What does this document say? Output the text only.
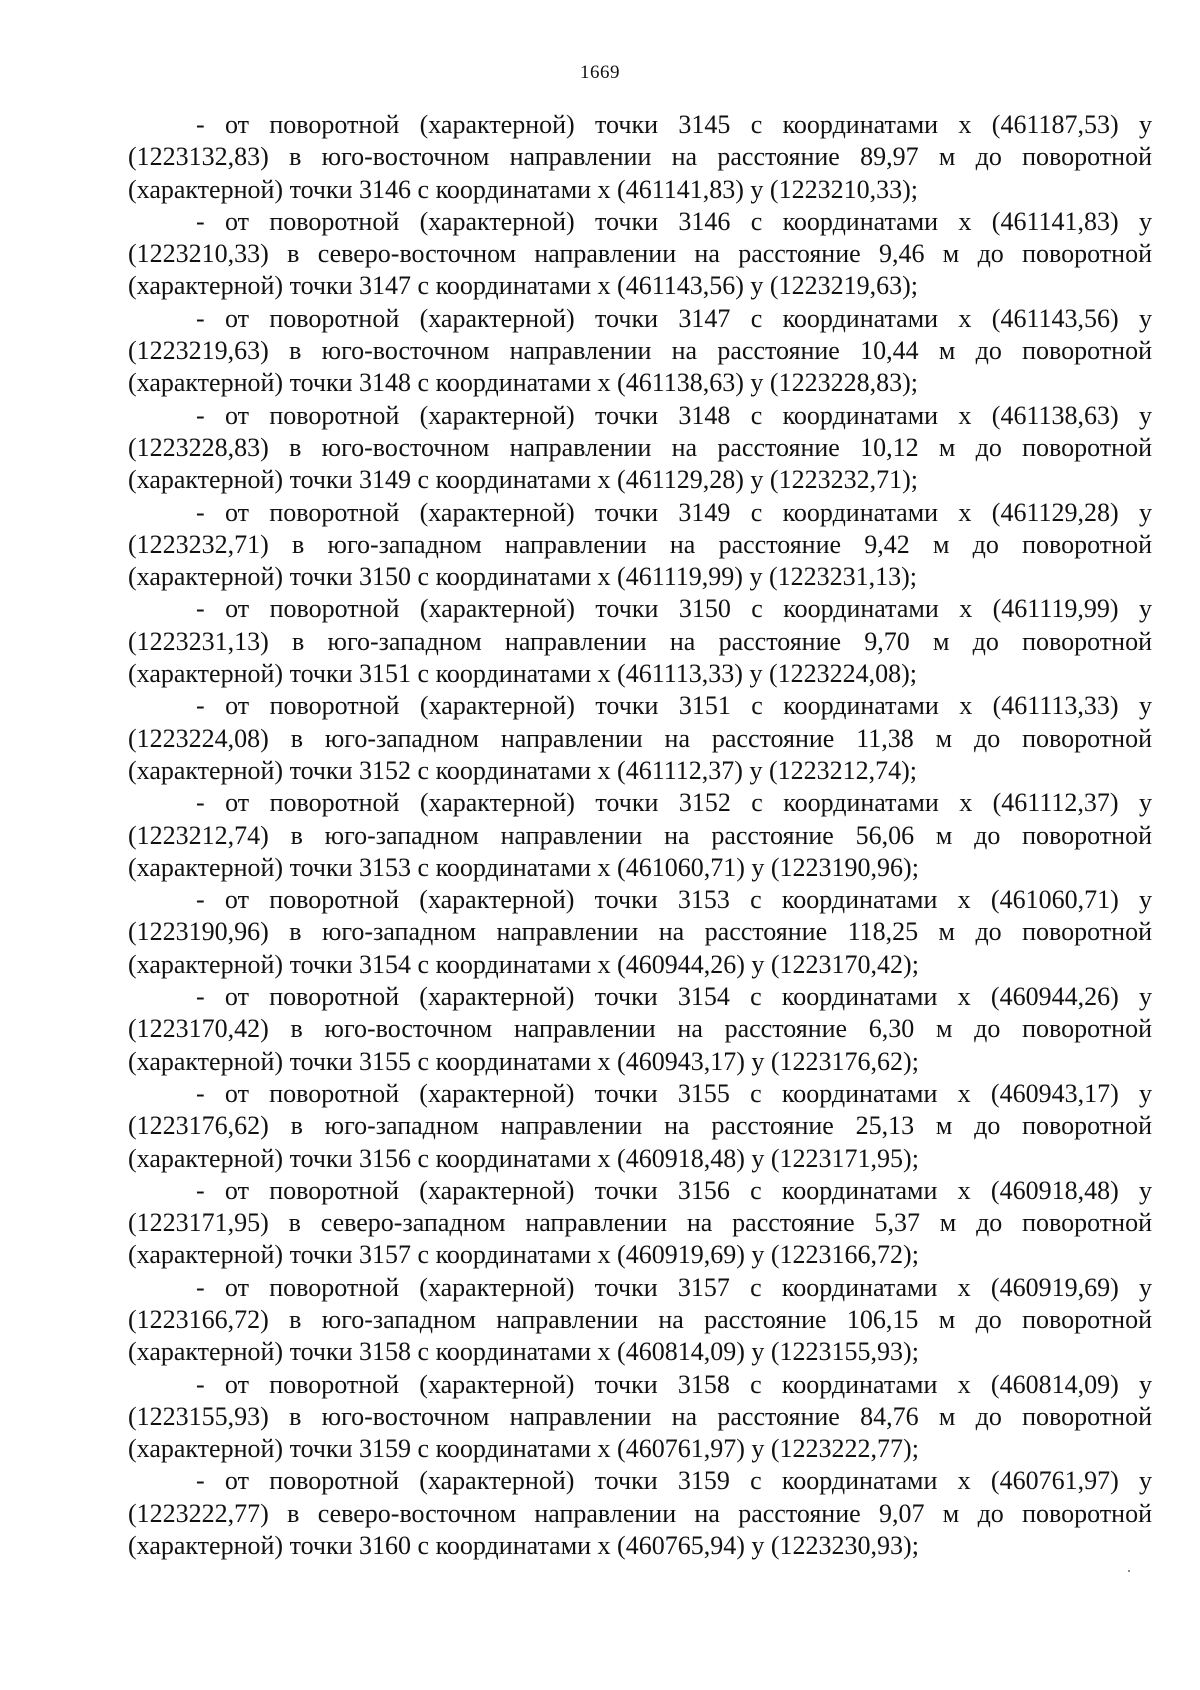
1669

- от поворотной (характерной) точки 3145 с координатами х (461187,53) у (1223132,83) в юго-восточном направлении на расстояние 89,97 м до поворотной (характерной) точки 3146 с координатами х (461141,83) у (1223210,33);

- от поворотной (характерной) точки 3146 с координатами х (461141,83) у (1223210,33) в северо-восточном направлении на расстояние 9,46 м до поворотной (характерной) точки 3147 с координатами х (461143,56) у (1223219,63);

- от поворотной (характерной) точки 3147 с координатами х (461143,56) у (1223219,63) в юго-восточном направлении на расстояние 10,44 м до поворотной (характерной) точки 3148 с координатами х (461138,63) у (1223228,83);

- от поворотной (характерной) точки 3148 с координатами х (461138,63) у (1223228,83) в юго-восточном направлении на расстояние 10,12 м до поворотной (характерной) точки 3149 с координатами х (461129,28) у (1223232,71);

- от поворотной (характерной) точки 3149 с координатами х (461129,28) у (1223232,71) в юго-западном направлении на расстояние 9,42 м до поворотной (характерной) точки 3150 с координатами х (461119,99) у (1223231,13);

- от поворотной (характерной) точки 3150 с координатами х (461119,99) у (1223231,13) в юго-западном направлении на расстояние 9,70 м до поворотной (характерной) точки 3151 с координатами х (461113,33) у (1223224,08);

- от поворотной (характерной) точки 3151 с координатами х (461113,33) у (1223224,08) в юго-западном направлении на расстояние 11,38 м до поворотной (характерной) точки 3152 с координатами х (461112,37) у (1223212,74);

- от поворотной (характерной) точки 3152 с координатами х (461112,37) у (1223212,74) в юго-западном направлении на расстояние 56,06 м до поворотной (характерной) точки 3153 с координатами х (461060,71) у (1223190,96);

- от поворотной (характерной) точки 3153 с координатами х (461060,71) у (1223190,96) в юго-западном направлении на расстояние 118,25 м до поворотной (характерной) точки 3154 с координатами х (460944,26) у (1223170,42);

- от поворотной (характерной) точки 3154 с координатами х (460944,26) у (1223170,42) в юго-восточном направлении на расстояние 6,30 м до поворотной (характерной) точки 3155 с координатами х (460943,17) у (1223176,62);

- от поворотной (характерной) точки 3155 с координатами х (460943,17) у (1223176,62) в юго-западном направлении на расстояние 25,13 м до поворотной (характерной) точки 3156 с координатами х (460918,48) у (1223171,95);

- от поворотной (характерной) точки 3156 с координатами х (460918,48) у (1223171,95) в северо-западном направлении на расстояние 5,37 м до поворотной (характерной) точки 3157 с координатами х (460919,69) у (1223166,72);

- от поворотной (характерной) точки 3157 с координатами х (460919,69) у (1223166,72) в юго-западном направлении на расстояние 106,15 м до поворотной (характерной) точки 3158 с координатами х (460814,09) у (1223155,93);

- от поворотной (характерной) точки 3158 с координатами х (460814,09) у (1223155,93) в юго-восточном направлении на расстояние 84,76 м до поворотной (характерной) точки 3159 с координатами х (460761,97) у (1223222,77);

- от поворотной (характерной) точки 3159 с координатами х (460761,97) у (1223222,77) в северо-восточном направлении на расстояние 9,07 м до поворотной (характерной) точки 3160 с координатами х (460765,94) у (1223230,93);
